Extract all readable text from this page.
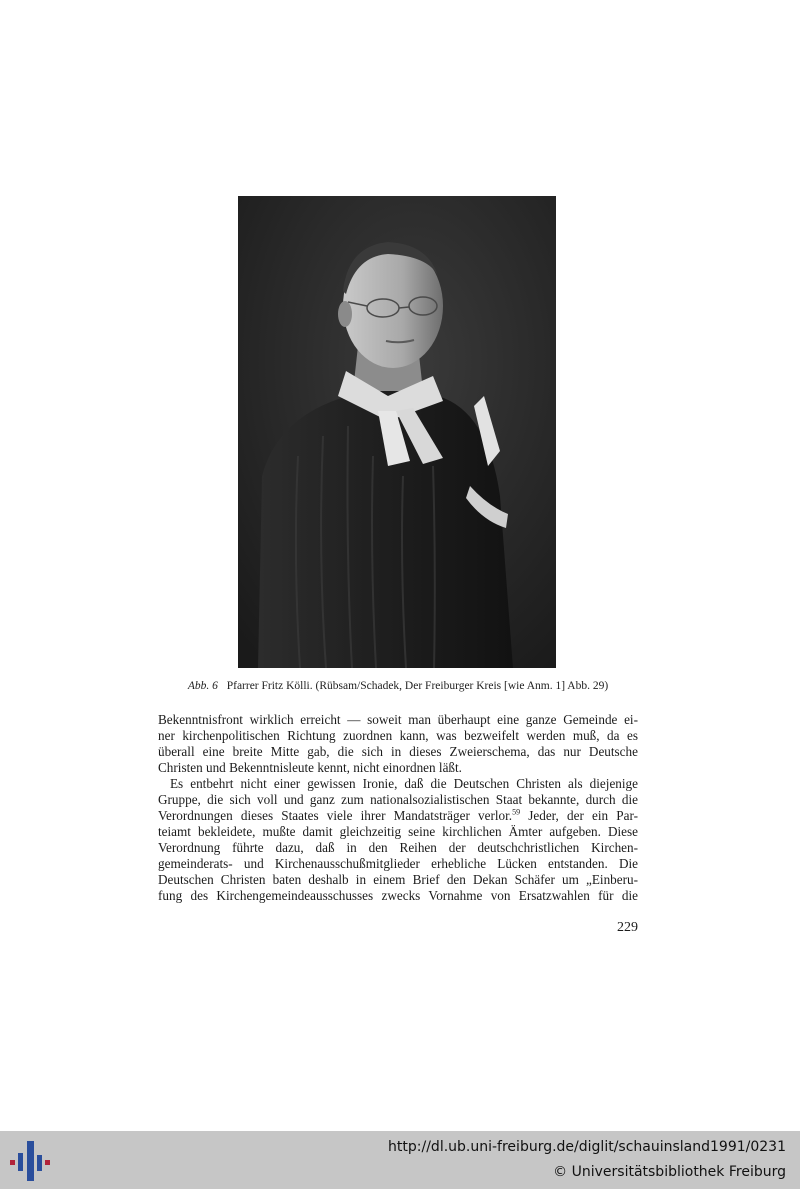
Abb. 6 Pfarrer Fritz Kölli. (Rübsam/Schadek, Der Freiburger Kreis [wie Anm. 1] Abb. 29)
Bekenntnisfront wirklich erreicht — soweit man überhaupt eine ganze Gemeinde ei-
ner kirchenpolitischen Richtung zuordnen kann, was bezweifelt werden muß, da es
überall eine breite Mitte gab, die sich in dieses Zweierschema, das nur Deutsche
Christen und Bekenntnisleute kennt, nicht einordnen läßt.
Es entbehrt nicht einer gewissen Ironie, daß die Deutschen Christen als diejenige
Gruppe, die sich voll und ganz zum nationalsozialistischen Staat bekannte, durch die
Verordnungen dieses Staates viele ihrer Mandatsträger verlor.$^{59}$ Jeder, der ein Par-
teiamt bekleidete, mußte damit gleichzeitig seine kirchlichen Ämter aufgeben. Diese
Verordnung führte dazu, daß in den Reihen der deutschchristlichen Kirchen-
gemeinderats- und Kirchenausschußmitglieder erhebliche Lücken entstanden. Die
Deutschen Christen baten deshalb in einem Brief den Dekan Schäfer um „Einberu-
fung des Kirchengemeindeausschusses zwecks Vornahme von Ersatzwahlen für die
229
http://dl.ub.uni-freiburg.de/diglit/schauinsland1991/0231
© Universitätsbibliothek Freiburg
